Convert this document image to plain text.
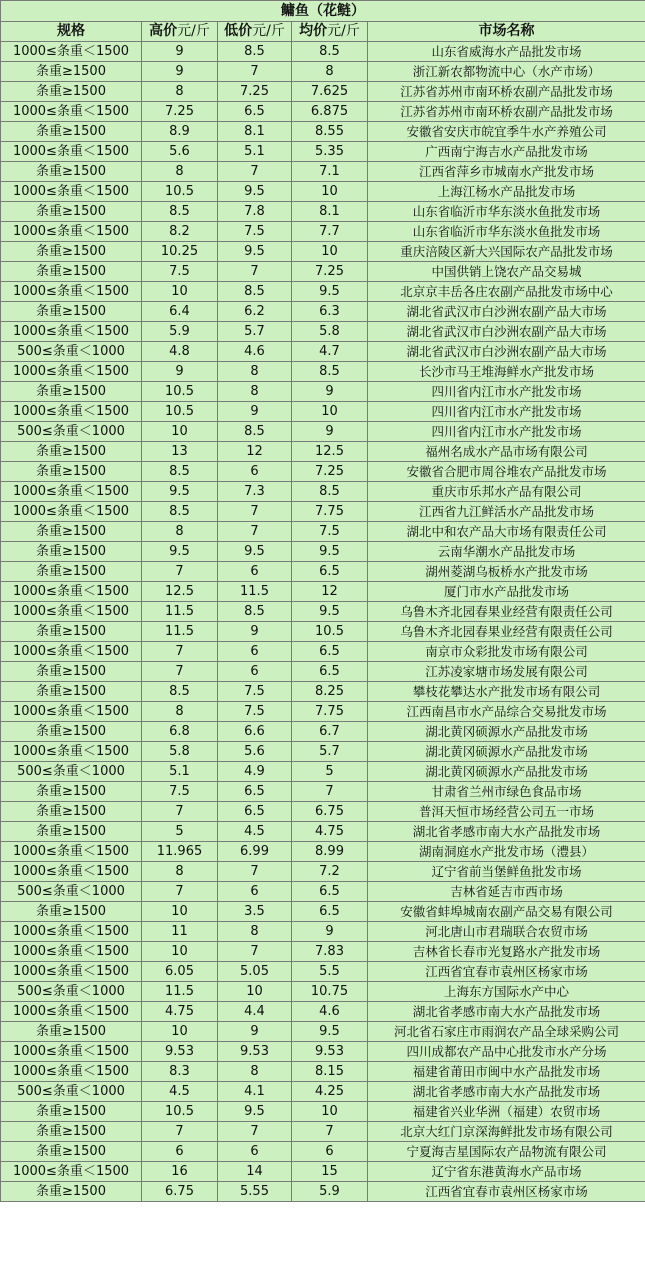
鳙鱼（花鲢）
规格	高价元/斤	低价元/斤	均价元/斤	市场名称
1000≤条重＜1500	9	8.5	8.5	山东省威海水产品批发市场
条重≥1500	9	7	8	浙江新农都物流中心（水产市场）
条重≥1500	8	7.25	7.625	江苏省苏州市南环桥农副产品批发市场
1000≤条重＜1500	7.25	6.5	6.875	江苏省苏州市南环桥农副产品批发市场
条重≥1500	8.9	8.1	8.55	安徽省安庆市皖宜季牛水产养殖公司
1000≤条重＜1500	5.6	5.1	5.35	广西南宁海吉水产品批发市场
条重≥1500	8	7	7.1	江西省萍乡市城南水产批发市场
1000≤条重＜1500	10.5	9.5	10	上海江杨水产品批发市场
条重≥1500	8.5	7.8	8.1	山东省临沂市华东淡水鱼批发市场
1000≤条重＜1500	8.2	7.5	7.7	山东省临沂市华东淡水鱼批发市场
条重≥1500	10.25	9.5	10	重庆涪陵区新大兴国际农产品批发市场
条重≥1500	7.5	7	7.25	中国供销上饶农产品交易城
1000≤条重＜1500	10	8.5	9.5	北京京丰岳各庄农副产品批发市场中心
条重≥1500	6.4	6.2	6.3	湖北省武汉市白沙洲农副产品大市场
1000≤条重＜1500	5.9	5.7	5.8	湖北省武汉市白沙洲农副产品大市场
500≤条重＜1000	4.8	4.6	4.7	湖北省武汉市白沙洲农副产品大市场
1000≤条重＜1500	9	8	8.5	长沙市马王堆海鲜水产批发市场
条重≥1500	10.5	8	9	四川省内江市水产批发市场
1000≤条重＜1500	10.5	9	10	四川省内江市水产批发市场
500≤条重＜1000	10	8.5	9	四川省内江市水产批发市场
条重≥1500	13	12	12.5	福州名成水产品市场有限公司
条重≥1500	8.5	6	7.25	安徽省合肥市周谷堆农产品批发市场
1000≤条重＜1500	9.5	7.3	8.5	重庆市乐邦水产品有限公司
1000≤条重＜1500	8.5	7	7.75	江西省九江鲜活水产品批发市场
条重≥1500	8	7	7.5	湖北中和农产品大市场有限责任公司
条重≥1500	9.5	9.5	9.5	云南华潮水产品批发市场
条重≥1500	7	6	6.5	湖州菱湖乌板桥水产批发市场
1000≤条重＜1500	12.5	11.5	12	厦门市水产品批发市场
1000≤条重＜1500	11.5	8.5	9.5	乌鲁木齐北园春果业经营有限责任公司
条重≥1500	11.5	9	10.5	乌鲁木齐北园春果业经营有限责任公司
1000≤条重＜1500	7	6	6.5	南京市众彩批发市场有限公司
条重≥1500	7	6	6.5	江苏凌家塘市场发展有限公司
条重≥1500	8.5	7.5	8.25	攀枝花攀达水产批发市场有限公司
1000≤条重＜1500	8	7.5	7.75	江西南昌市水产品综合交易批发市场
条重≥1500	6.8	6.6	6.7	湖北黄冈硕源水产品批发市场
1000≤条重＜1500	5.8	5.6	5.7	湖北黄冈硕源水产品批发市场
500≤条重＜1000	5.1	4.9	5	湖北黄冈硕源水产品批发市场
条重≥1500	7.5	6.5	7	甘肃省兰州市绿色食品市场
条重≥1500	7	6.5	6.75	普洱天恒市场经营公司五一市场
条重≥1500	5	4.5	4.75	湖北省孝感市南大水产品批发市场
1000≤条重＜1500	11.965	6.99	8.99	湖南洞庭水产批发市场（澧县）
1000≤条重＜1500	8	7	7.2	辽宁省前当堡鲜鱼批发市场
500≤条重＜1000	7	6	6.5	吉林省延吉市西市场
条重≥1500	10	3.5	6.5	安徽省蚌埠城南农副产品交易有限公司
1000≤条重＜1500	11	8	9	河北唐山市君瑞联合农贸市场
1000≤条重＜1500	10	7	7.83	吉林省长春市光复路水产批发市场
1000≤条重＜1500	6.05	5.05	5.5	江西省宜春市袁州区杨家市场
500≤条重＜1000	11.5	10	10.75	上海东方国际水产中心
1000≤条重＜1500	4.75	4.4	4.6	湖北省孝感市南大水产品批发市场
条重≥1500	10	9	9.5	河北省石家庄市雨润农产品全球采购公司
1000≤条重＜1500	9.53	9.53	9.53	四川成都农产品中心批发市水产分场
1000≤条重＜1500	8.3	8	8.15	福建省莆田市闽中水产品批发市场
500≤条重＜1000	4.5	4.1	4.25	湖北省孝感市南大水产品批发市场
条重≥1500	10.5	9.5	10	福建省兴业华洲（福建）农贸市场
条重≥1500	7	7	7	北京大红门京深海鲜批发市场有限公司
条重≥1500	6	6	6	宁夏海吉星国际农产品物流有限公司
1000≤条重＜1500	16	14	15	辽宁省东港黄海水产品市场
条重≥1500	6.75	5.55	5.9	江西省宜春市袁州区杨家市场
